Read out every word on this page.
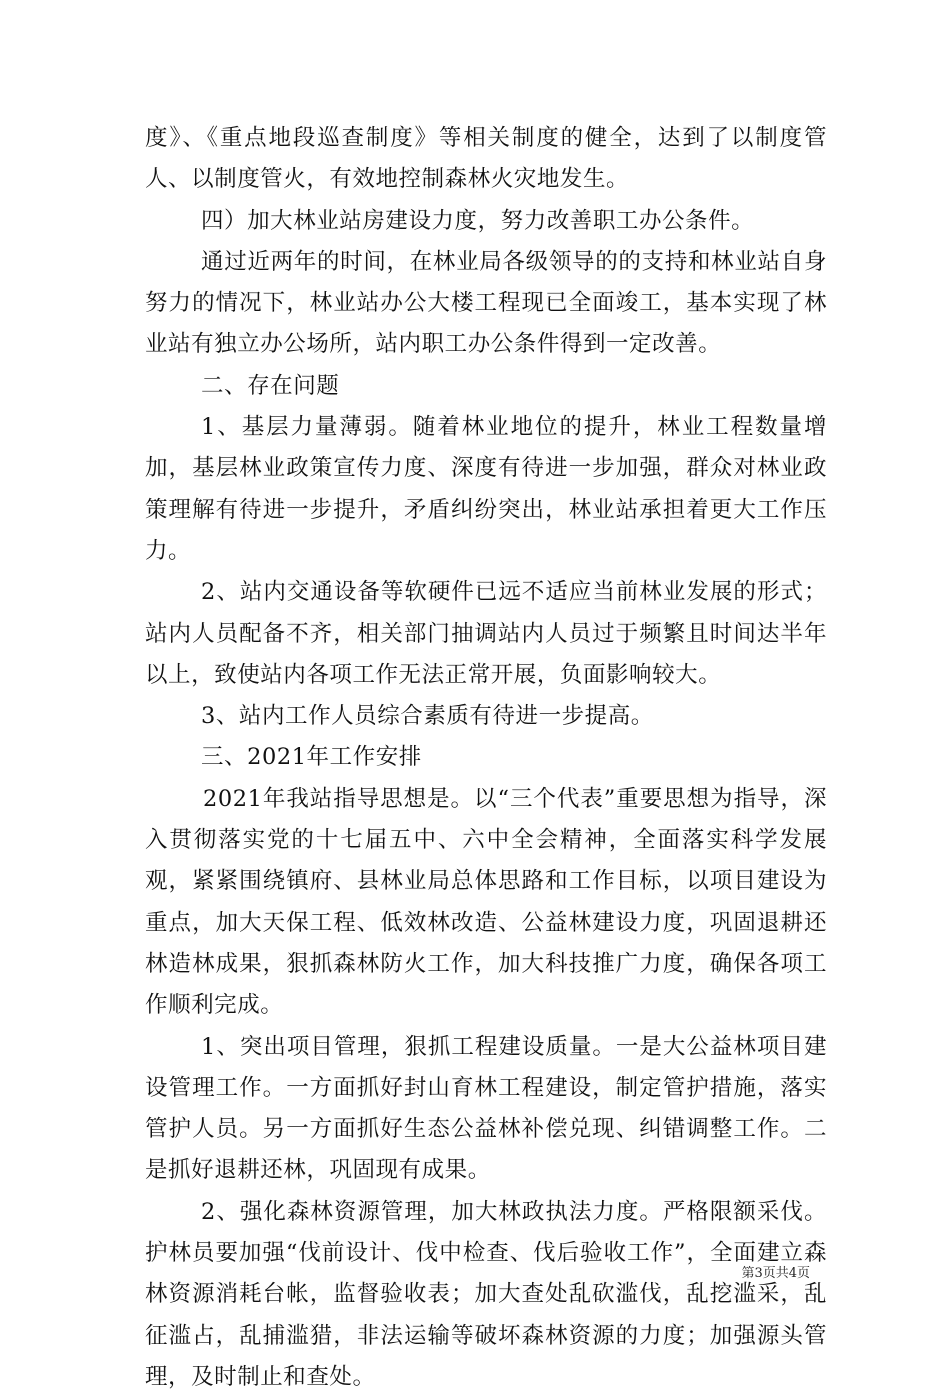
度》、《重点地段巡查制度》等相关制度的健全，达到了以制度管人、以制度管火，有效地控制森林火灾地发生。

四）加大林业站房建设力度，努力改善职工办公条件。

通过近两年的时间，在林业局各级领导的的支持和林业站自身努力的情况下，林业站办公大楼工程现已全面竣工，基本实现了林业站有独立办公场所，站内职工办公条件得到一定改善。

二、存在问题

1、基层力量薄弱。随着林业地位的提升，林业工程数量增加，基层林业政策宣传力度、深度有待进一步加强，群众对林业政策理解有待进一步提升，矛盾纠纷突出，林业站承担着更大工作压力。

2、站内交通设备等软硬件已远不适应当前林业发展的形式；站内人员配备不齐，相关部门抽调站内人员过于频繁且时间达半年以上，致使站内各项工作无法正常开展，负面影响较大。

3、站内工作人员综合素质有待进一步提高。

三、2021年工作安排

2021年我站指导思想是。以“三个代表”重要思想为指导，深入贯彻落实党的十七届五中、六中全会精神，全面落实科学发展观，紧紧围绕镇府、县林业局总体思路和工作目标，以项目建设为重点，加大天保工程、低效林改造、公益林建设力度，巩固退耕还林造林成果，狠抓森林防火工作，加大科技推广力度，确保各项工作顺利完成。

1、突出项目管理，狠抓工程建设质量。一是大公益林项目建设管理工作。一方面抓好封山育林工程建设，制定管护措施，落实管护人员。另一方面抓好生态公益林补偿兑现、纠错调整工作。二是抓好退耕还林，巩固现有成果。

2、强化森林资源管理，加大林政执法力度。严格限额采伐。护林员要加强“伐前设计、伐中检查、伐后验收工作”，全面建立森林资源消耗台帐，监督验收表；加大查处乱砍滥伐，乱挖滥采，乱征滥占，乱捕滥猎，非法运输等破坏森林资源的力度；加强源头管理，及时制止和查处。

第3页共4页
